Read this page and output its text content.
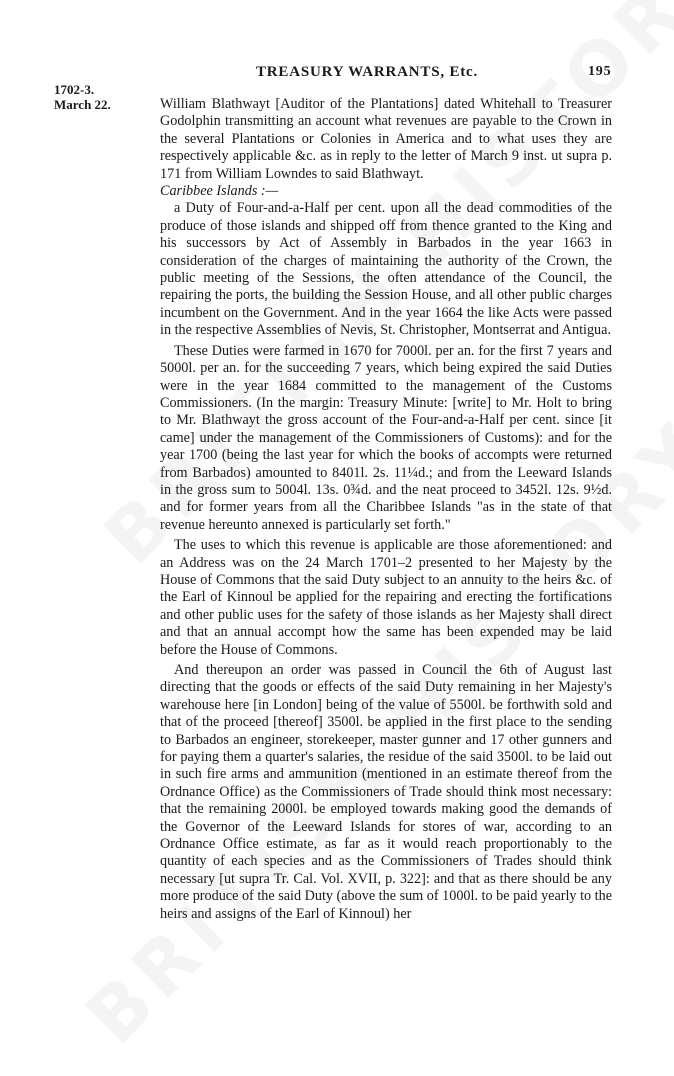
TREASURY WARRANTS, Etc.	195
1702-3.
March 22.	William Blathwayt [Auditor of the Plantations] dated Whitehall to Treasurer Godolphin transmitting an account what revenues are payable to the Crown in the several Plantations or Colonies in America and to what uses they are respectively applicable &c. as in reply to the letter of March 9 inst. ut supra p. 171 from William Lowndes to said Blathwayt.

Caribbee Islands :—

a Duty of Four-and-a-Half per cent. upon all the dead commodities of the produce of those islands and shipped off from thence granted to the King and his successors by Act of Assembly in Barbados in the year 1663 in consideration of the charges of maintaining the authority of the Crown, the public meeting of the Sessions, the often attendance of the Council, the repairing the ports, the building the Session House, and all other public charges incumbent on the Government. And in the year 1664 the like Acts were passed in the respective Assemblies of Nevis, St. Christopher, Montserrat and Antigua.

These Duties were farmed in 1670 for 7000l. per an. for the first 7 years and 5000l. per an. for the succeeding 7 years, which being expired the said Duties were in the year 1684 committed to the management of the Customs Commissioners. (In the margin: Treasury Minute: [write] to Mr. Holt to bring to Mr. Blathwayt the gross account of the Four-and-a-Half per cent. since [it came] under the management of the Commissioners of Customs): and for the year 1700 (being the last year for which the books of accompts were returned from Barbados) amounted to 8401l. 2s. 11¼d.; and from the Leeward Islands in the gross sum to 5004l. 13s. 0¾d. and the neat proceed to 3452l. 12s. 9½d. and for former years from all the Charibbee Islands "as in the state of that revenue hereunto annexed is particularly set forth."

The uses to which this revenue is applicable are those aforementioned: and an Address was on the 24 March 1701–2 presented to her Majesty by the House of Commons that the said Duty subject to an annuity to the heirs &c. of the Earl of Kinnoul be applied for the repairing and erecting the fortifications and other public uses for the safety of those islands as her Majesty shall direct and that an annual accompt how the same has been expended may be laid before the House of Commons.

And thereupon an order was passed in Council the 6th of August last directing that the goods or effects of the said Duty remaining in her Majesty's warehouse here [in London] being of the value of 5500l. be forthwith sold and that of the proceed [thereof] 3500l. be applied in the first place to the sending to Barbados an engineer, storekeeper, master gunner and 17 other gunners and for paying them a quarter's salaries, the residue of the said 3500l. to be laid out in such fire arms and ammunition (mentioned in an estimate thereof from the Ordnance Office) as the Commissioners of Trade should think most necessary: that the remaining 2000l. be employed towards making good the demands of the Governor of the Leeward Islands for stores of war, according to an Ordnance Office estimate, as far as it would reach proportionably to the quantity of each species and as the Commissioners of Trades should think necessary [ut supra Tr. Cal. Vol. XVII, p. 322]: and that as there should be any more produce of the said Duty (above the sum of 1000l. to be paid yearly to the heirs and assigns of the Earl of Kinnoul) her
